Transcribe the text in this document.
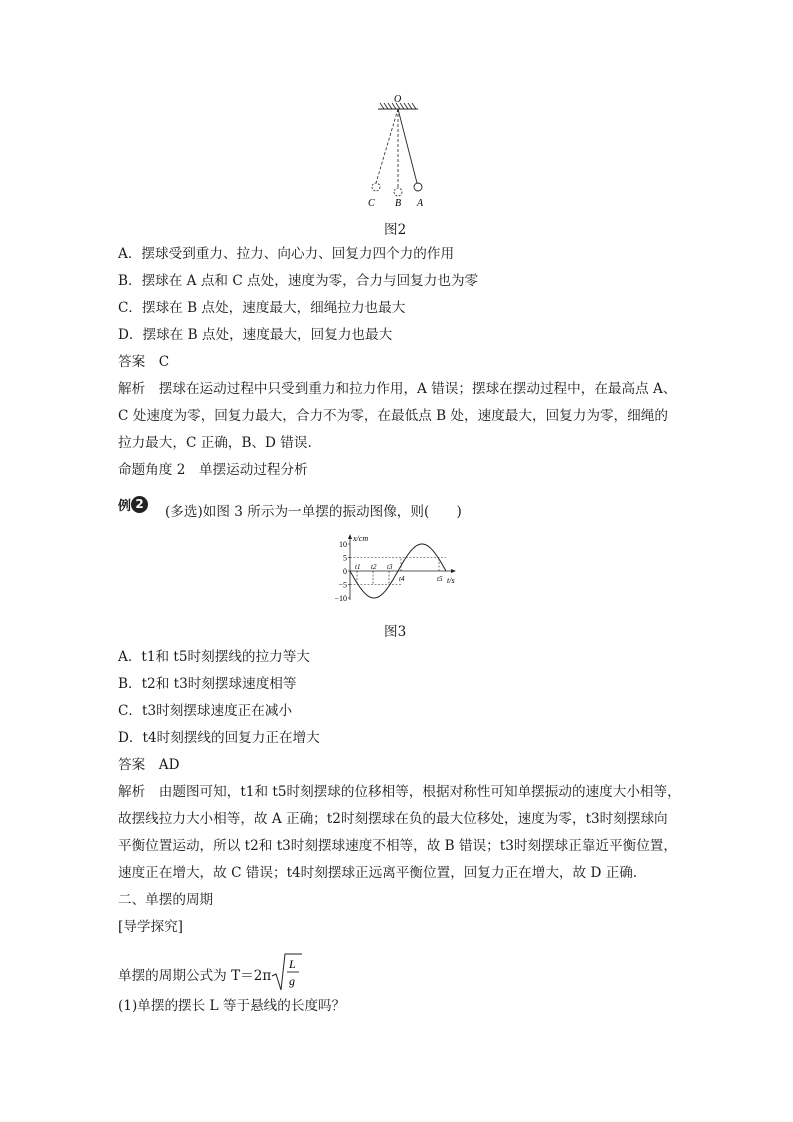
O
C B A
图2
A．摆球受到重力、拉力、向心力、回复力四个力的作用
B．摆球在 A 点和 C 点处，速度为零，合力与回复力也为零
C．摆球在 B 点处，速度最大，细绳拉力也最大
D．摆球在 B 点处，速度最大，回复力也最大
答案　C
解析　摆球在运动过程中只受到重力和拉力作用，A 错误；摆球在摆动过程中，在最高点 A、
C 处速度为零，回复力最大，合力不为零，在最低点 B 处，速度最大，回复力为零，细绳的
拉力最大，C 正确，B、D 错误.
命题角度 2　单摆运动过程分析
例 2	(多选)如图 3 所示为一单摆的振动图像，则(　　)
x/cm
t/s
10
5
0
−5
−10
t1 t2 t3
t4	t5
图3
A．t1和 t5时刻摆线的拉力等大
B．t2和 t3时刻摆球速度相等
C．t3时刻摆球速度正在减小
D．t4时刻摆线的回复力正在增大
答案　AD
解析　由题图可知，t1和 t5时刻摆球的位移相等，根据对称性可知单摆振动的速度大小相等，
故摆线拉力大小相等，故 A 正确；t2时刻摆球在负的最大位移处，速度为零，t3时刻摆球向
平衡位置运动，所以 t2和 t3时刻摆球速度不相等，故 B 错误；t3时刻摆球正靠近平衡位置，
速度正在增大，故 C 错误；t4时刻摆球正远离平衡位置，回复力正在增大，故 D 正确.
二、单摆的周期
[导学探究]
单摆的周期公式为 T＝2π
L
g
(1)单摆的摆长 L 等于悬线的长度吗？
